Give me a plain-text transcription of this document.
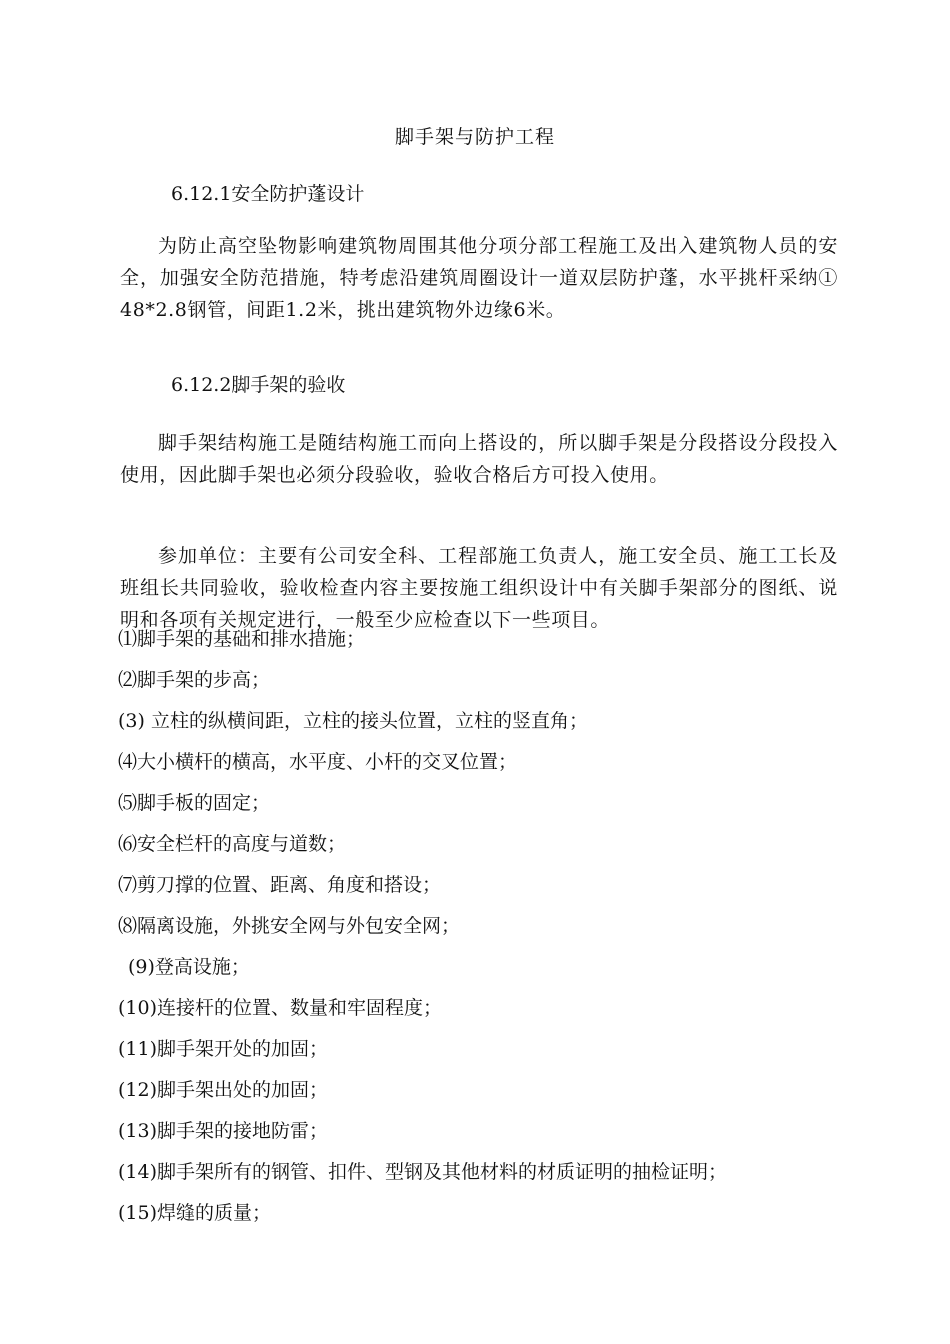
脚手架与防护工程
6.12.1安全防护蓬设计
为防止高空坠物影响建筑物周围其他分项分部工程施工及出入建筑物人员的安全，加强安全防范措施，特考虑沿建筑周圈设计一道双层防护蓬，水平挑杆采纳① 48*2.8钢管，间距1.2米，挑出建筑物外边缘6米。
6.12.2脚手架的验收
脚手架结构施工是随结构施工而向上搭设的，所以脚手架是分段搭设分段投入使用，因此脚手架也必须分段验收，验收合格后方可投入使用。
参加单位：主要有公司安全科、工程部施工负责人，施工安全员、施工工长及班组长共同验收，验收检查内容主要按施工组织设计中有关脚手架部分的图纸、说明和各项有关规定进行，一般至少应检查以下一些项目。
⑴脚手架的基础和排水措施；
⑵脚手架的步高；
(3) 立柱的纵横间距，立柱的接头位置，立柱的竖直角；
⑷大小横杆的横高，水平度、小杆的交叉位置；
⑸脚手板的固定；
⑹安全栏杆的高度与道数；
⑺剪刀撑的位置、距离、角度和搭设；
⑻隔离设施，外挑安全网与外包安全网；
(9)登高设施；
(10)连接杆的位置、数量和牢固程度；
(11)脚手架开处的加固；
(12)脚手架出处的加固；
(13)脚手架的接地防雷；
(14)脚手架所有的钢管、扣件、型钢及其他材料的材质证明的抽检证明；
(15)焊缝的质量；
